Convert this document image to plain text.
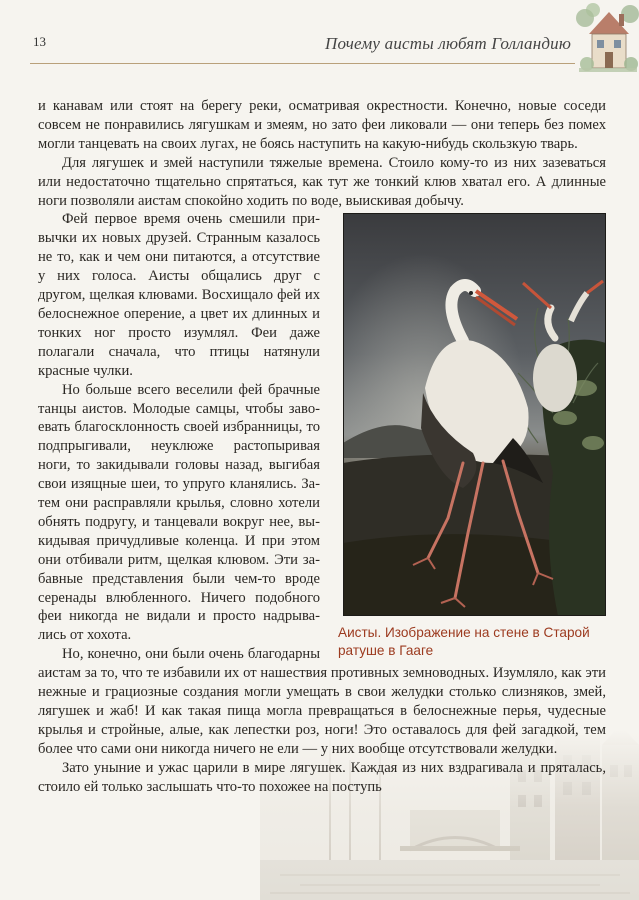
13	Почему аисты любят Голландию

и канавам или стоят на берегу реки, осматривая окрестности. Конечно, новые соседи совсем не понравились лягушкам и змеям, но зато феи ликовали — они теперь без помех могли танцевать на своих лугах, не боясь наступить на какую-нибудь скользкую тварь.

Для лягушек и змей наступили тяжелые времена. Стоило кому-то из них зазеваться или недостаточно тщательно спрятаться, как тут же тонкий клюв хватал его. А длинные ноги позволяли аистам спокойно ходить по воде, выискивая добычу.

Аисты. Изображение на стене в Старой ратуше в Гааге

Фей первое время очень смешили привычки их новых друзей. Странным казалось не то, как и чем они питаются, а отсутствие у них голоса. Аисты общались друг с другом, щелкая клювами. Восхищало фей их белоснежное оперение, а цвет их длинных и тонких ног просто изумлял. Феи даже полагали сначала, что птицы натянули красные чулки.

Но больше всего веселили фей брачные танцы аистов. Молодые самцы, чтобы завоевать благосклонность своей избранницы, то подпрыгивали, неуклюже растопыривая ноги, то закидывали головы назад, выгибая свои изящные шеи, то упруго кланялись. Затем они расправляли крылья, словно хотели обнять подругу, и танцевали вокруг нее, выкидывая причудливые коленца. И при этом они отбивали ритм, щелкая клювом. Эти забавные представления были чем-то вроде серенады влюбленного. Ничего подобного феи никогда не видали и просто надрывались от хохота.

Но, конечно, они были очень благодарны аистам за то, что те избавили их от нашествия противных земноводных. Изумляло, как эти нежные и грациозные создания могли умещать в свои желудки столько слизняков, змей, лягушек и жаб! И как такая пища могла превращаться в белоснежные перья, чудесные крылья и стройные, алые, как лепестки роз, ноги! Это оставалось для фей загадкой, тем более что сами они никогда ничего не ели — у них вообще отсутствовали желудки.

Зато уныние и ужас царили в мире лягушек. Каждая из них вздрагивала и пряталась, стоило ей только заслышать что-то похожее на поступь
